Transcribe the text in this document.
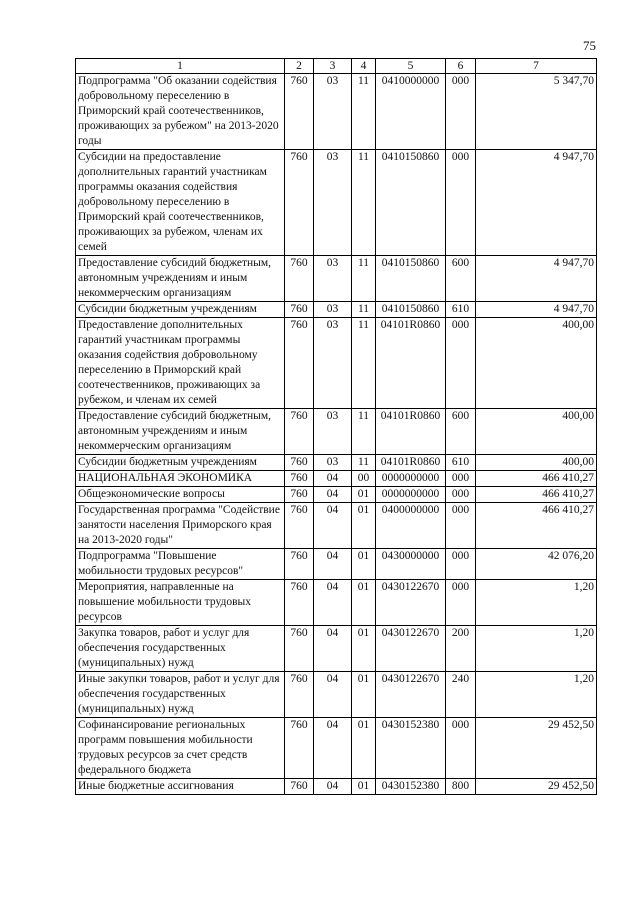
75
1	2	3	4	5	6	7
Подпрограмма "Об оказании содействия добровольному переселению в Приморский край соотечественников, проживающих за рубежом" на 2013-2020 годы	760	03	11	0410000000	000	5 347,70
Субсидии на предоставление дополнительных гарантий участникам программы оказания содействия добровольному переселению в Приморский край соотечественников, проживающих за рубежом, членам их семей	760	03	11	0410150860	000	4 947,70
Предоставление субсидий бюджетным, автономным учреждениям и иным некоммерческим организациям	760	03	11	0410150860	600	4 947,70
Субсидии бюджетным учреждениям	760	03	11	0410150860	610	4 947,70
Предоставление дополнительных гарантий участникам программы оказания содействия добровольному переселению в Приморский край соотечественников, проживающих за рубежом, и членам их семей	760	03	11	04101R0860	000	400,00
Предоставление субсидий бюджетным, автономным учреждениям и иным некоммерческим организациям	760	03	11	04101R0860	600	400,00
Субсидии бюджетным учреждениям	760	03	11	04101R0860	610	400,00
НАЦИОНАЛЬНАЯ ЭКОНОМИКА	760	04	00	0000000000	000	466 410,27
Общеэкономические вопросы	760	04	01	0000000000	000	466 410,27
Государственная программа "Содействие занятости населения Приморского края на 2013-2020 годы"	760	04	01	0400000000	000	466 410,27
Подпрограмма "Повышение мобильности трудовых ресурсов"	760	04	01	0430000000	000	42 076,20
Мероприятия, направленные на повышение мобильности трудовых ресурсов	760	04	01	0430122670	000	1,20
Закупка товаров, работ и услуг для обеспечения государственных (муниципальных) нужд	760	04	01	0430122670	200	1,20
Иные закупки товаров, работ и услуг для обеспечения государственных (муниципальных) нужд	760	04	01	0430122670	240	1,20
Софинансирование региональных программ повышения мобильности трудовых ресурсов за счет средств федерального бюджета	760	04	01	0430152380	000	29 452,50
Иные бюджетные ассигнования	760	04	01	0430152380	800	29 452,50
